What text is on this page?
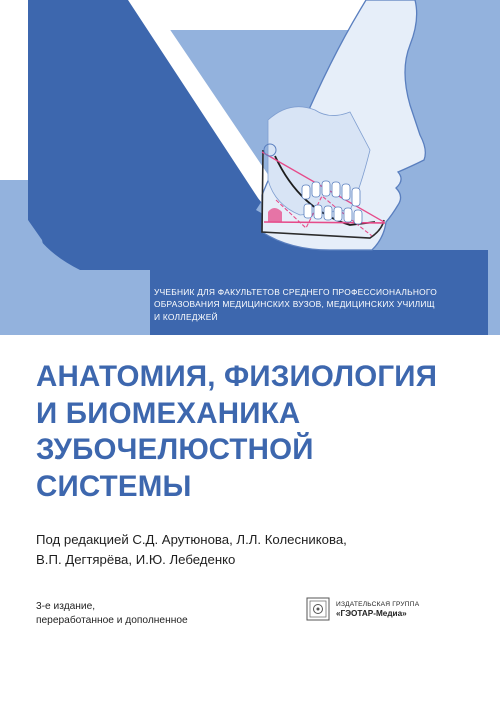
УЧЕБНИК ДЛЯ ФАКУЛЬТЕТОВ СРЕДНЕГО ПРОФЕССИОНАЛЬНОГО
ОБРАЗОВАНИЯ МЕДИЦИНСКИХ ВУЗОВ, МЕДИЦИНСКИХ УЧИЛИЩ
И КОЛЛЕДЖЕЙ

АНАТОМИЯ, ФИЗИОЛОГИЯ
И БИОМЕХАНИКА
ЗУБОЧЕЛЮСТНОЙ
СИСТЕМЫ

Под редакцией С.Д. Арутюнова, Л.Л. Колесникова,
В.П. Дегтярёва, И.Ю. Лебеденко

3-е издание,
переработанное и дополненное

ИЗДАТЕЛЬСКАЯ ГРУППА
«ГЭОТАР-Медиа»
